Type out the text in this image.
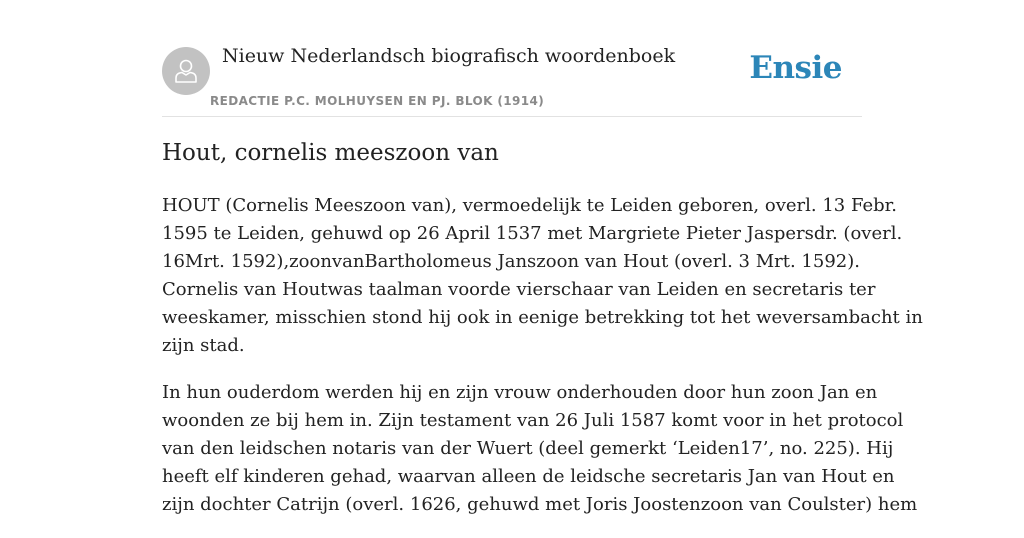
Nieuw Nederlandsch biografisch woordenboek
REDACTIE P.C. MOLHUYSEN EN PJ. BLOK (1914)
Ensie
Hout, cornelis meeszoon van

HOUT (Cornelis Meeszoon van), vermoedelijk te Leiden geboren, overl. 13 Febr.
1595 te Leiden, gehuwd op 26 April 1537 met Margriete Pieter Jaspersdr. (overl.
16Mrt. 1592),zoonvanBartholomeus Janszoon van Hout (overl. 3 Mrt. 1592).
Cornelis van Houtwas taalman voorde vierschaar van Leiden en secretaris ter
weeskamer, misschien stond hij ook in eenige betrekking tot het weversambacht in
zijn stad.

In hun ouderdom werden hij en zijn vrouw onderhouden door hun zoon Jan en
woonden ze bij hem in. Zijn testament van 26 Juli 1587 komt voor in het protocol
van den leidschen notaris van der Wuert (deel gemerkt ‘Leiden17’, no. 225). Hij
heeft elf kinderen gehad, waarvan alleen de leidsche secretaris Jan van Hout en
zijn dochter Catrijn (overl. 1626, gehuwd met Joris Joostenzoon van Coulster) hem
